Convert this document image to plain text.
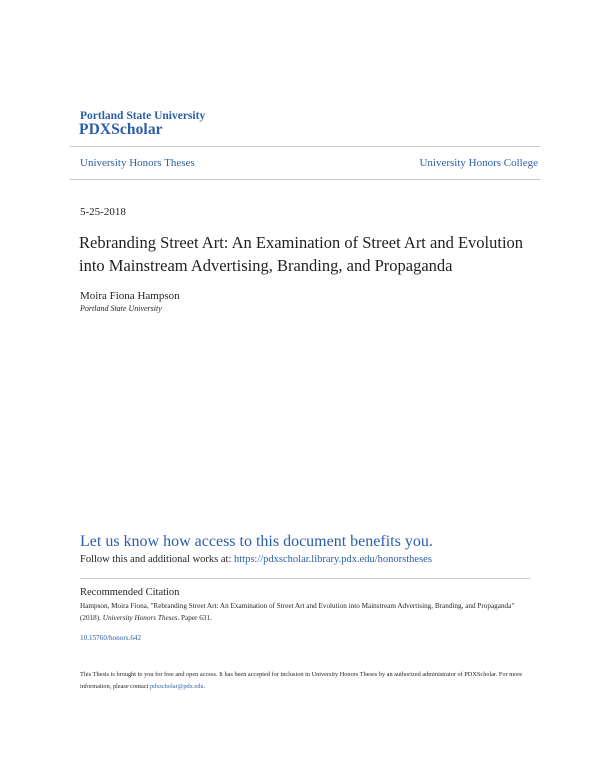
Portland State University
PDXScholar
University Honors Theses	University Honors College
5-25-2018
Rebranding Street Art: An Examination of Street Art and Evolution into Mainstream Advertising, Branding, and Propaganda
Moira Fiona Hampson
Portland State University
Let us know how access to this document benefits you.
Follow this and additional works at: https://pdxscholar.library.pdx.edu/honorstheses
Recommended Citation
Hampson, Moira Fiona, "Rebranding Street Art: An Examination of Street Art and Evolution into Mainstream Advertising, Branding, and Propaganda" (2018). University Honors Theses. Paper 631.
10.15760/honors.642
This Thesis is brought to you for free and open access. It has been accepted for inclusion in University Honors Theses by an authorized administrator of PDXScholar. For more information, please contact pdxscholar@pdx.edu.
